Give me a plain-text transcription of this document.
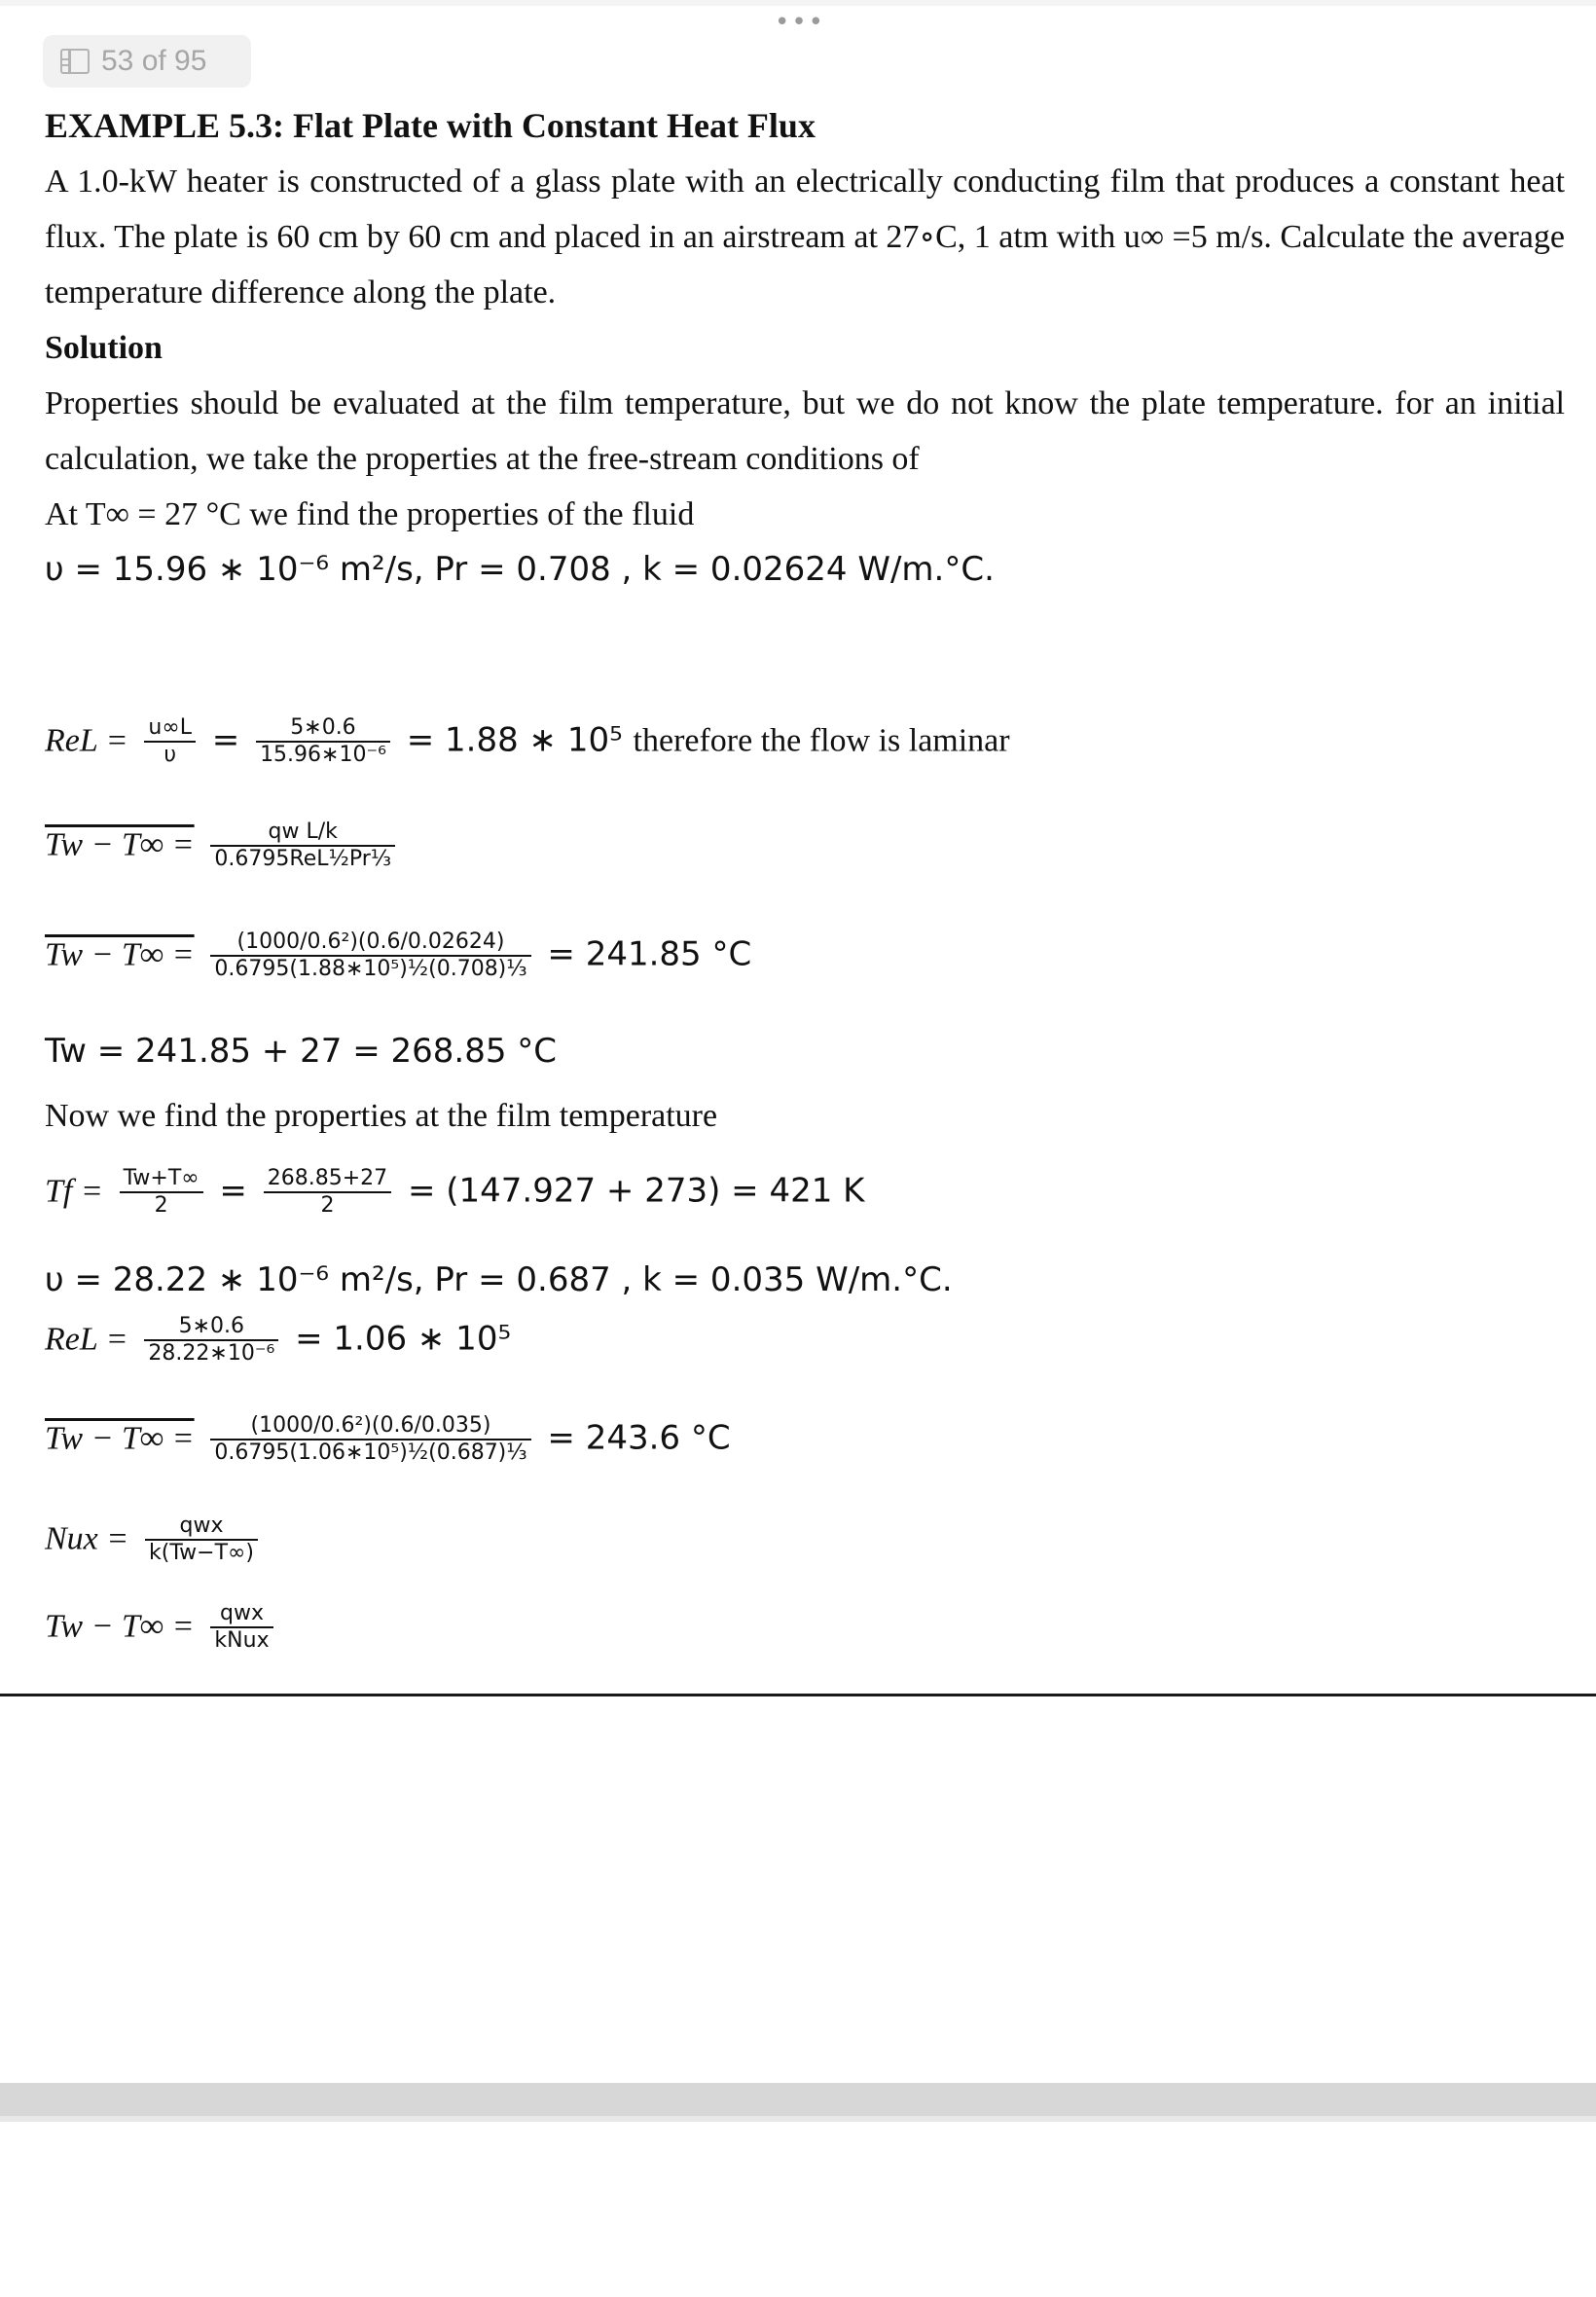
•••
53 of 95
EXAMPLE 5.3: Flat Plate with Constant Heat Flux
A 1.0-kW heater is constructed of a glass plate with an electrically conducting film that produces a constant heat flux. The plate is 60 cm by 60 cm and placed in an airstream at 27∘C, 1 atm with u∞ =5 m/s. Calculate the average temperature difference along the plate.
Solution
Properties should be evaluated at the film temperature, but we do not know the plate temperature. for an initial calculation, we take the properties at the free-stream conditions of
At T∞ = 27 °C we find the properties of the fluid
υ = 15.96 ∗ 10⁻⁶ m²/s, Pr = 0.708 , k = 0.02624 W/m.°C.
ReL = $\frac{u\infty L}{\upsilon} = \frac{5∗0.6}{\text{15.96∗10⁻⁶}} = 1.88$ ∗ 10⁵ therefore the flow is laminar
$Tw - T\infty = \frac{\text{qw L/k}}{\text{0.6795ReL½Pr⅓}}$
$Tw - T\infty = \frac{\text{(1000/0.6²)(0.6/0.02624)}}{\text{0.6795(1.88∗10⁵)½(0.708)⅓}} = 241.85$ °C
Tw = 241.85 + 27 = 268.85 °C
Now we find the properties at the film temperature
$Tf = \frac{Tw+T\infty}{2} = \frac{268.85+27}{2} = (147.927 + 273) = 421$ K
υ = 28.22 ∗ 10⁻⁶ m²/s, Pr = 0.687 , k = 0.035 W/m.°C.
ReL = $\frac{5∗0.6}{\text{28.22∗10⁻⁶}} = 1.06$ ∗ 10⁵
$Tw - T\infty = \frac{\text{(1000/0.6²)(0.6/0.035)}}{\text{0.6795(1.06∗10⁵)½(0.687)⅓}} = 243.6$ °C
Nux = $\frac{\text{qwx}}{k(Tw-T\infty)}$
$Tw - T\infty = \frac{\text{qwx}}{\text{kNux}}$
